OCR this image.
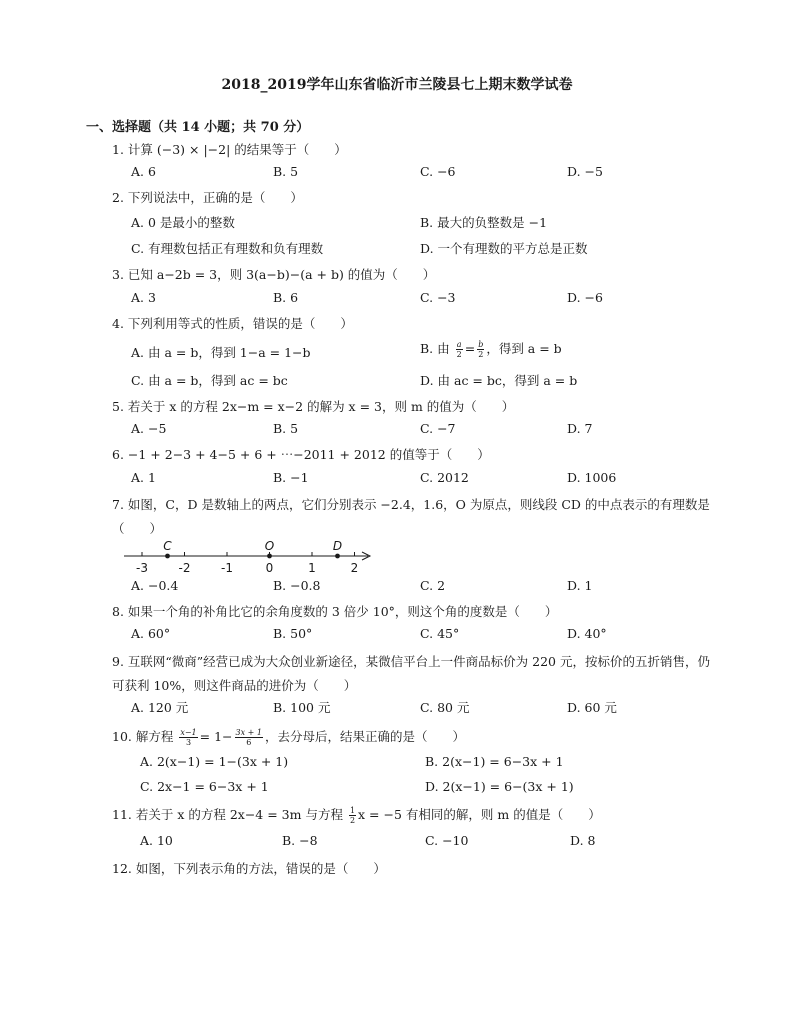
2018_2019学年山东省临沂市兰陵县七上期末数学试卷
一、选择题（共 14 小题；共 70 分）
1. 计算 (−3) × |−2| 的结果等于（　　）
A. 6	B. 5	C. −6	D. −5
2. 下列说法中，正确的是（　　）
A. 0 是最小的整数	B. 最大的负整数是 −1
C. 有理数包括正有理数和负有理数	D. 一个有理数的平方总是正数
3. 已知 a−2b = 3，则 3(a−b)−(a + b) 的值为（　　）
A. 3	B. 6	C. −3	D. −6
4. 下列利用等式的性质，错误的是（　　）
A. 由 a = b，得到 1−a = 1−b	B. 由 $\frac{a}{2} = \frac{b}{2}$ ，得到 a = b
C. 由 a = b，得到 ac = bc	D. 由 ac = bc，得到 a = b
5. 若关于 x 的方程 2x−m = x−2 的解为 x = 3，则 m 的值为（　　）
A. −5	B. 5	C. −7	D. 7
6. −1 + 2−3 + 4−5 + 6 + ⋯−2011 + 2012 的值等于（　　）
A. 1	B. −1	C. 2012	D. 1006
7. 如图，C，D 是数轴上的两点，它们分别表示 −2.4，1.6，O 为原点，则线段 CD 的中点表示的有理数是（　　）
-3	-2	-1	0	1	2
C	O	D
A. −0.4	B. −0.8	C. 2	D. 1
8. 如果一个角的补角比它的余角度数的 3 倍少 10°，则这个角的度数是（　　）
A. 60°	B. 50°	C. 45°	D. 40°
9. 互联网“微商”经营已成为大众创业新途径，某微信平台上一件商品标价为 220 元，按标价的五折销售，仍可获利 10%，则这件商品的进价为（　　）
A. 120 元	B. 100 元	C. 80 元	D. 60 元
10. 解方程 $\frac{x-1}{3} = 1- \frac{3x + 1}{6}$ ，去分母后，结果正确的是（　　）
A. 2(x−1) = 1−(3x + 1)	B. 2(x−1) = 6−3x + 1
C. 2x−1 = 6−3x + 1	D. 2(x−1) = 6−(3x + 1)
11. 若关于 x 的方程 2x−4 = 3m 与方程 $\frac{1}{2}$ x = −5 有相同的解，则 m 的值是（　　）
A. 10	B. −8	C. −10	D. 8
12. 如图，下列表示角的方法，错误的是（　　）
